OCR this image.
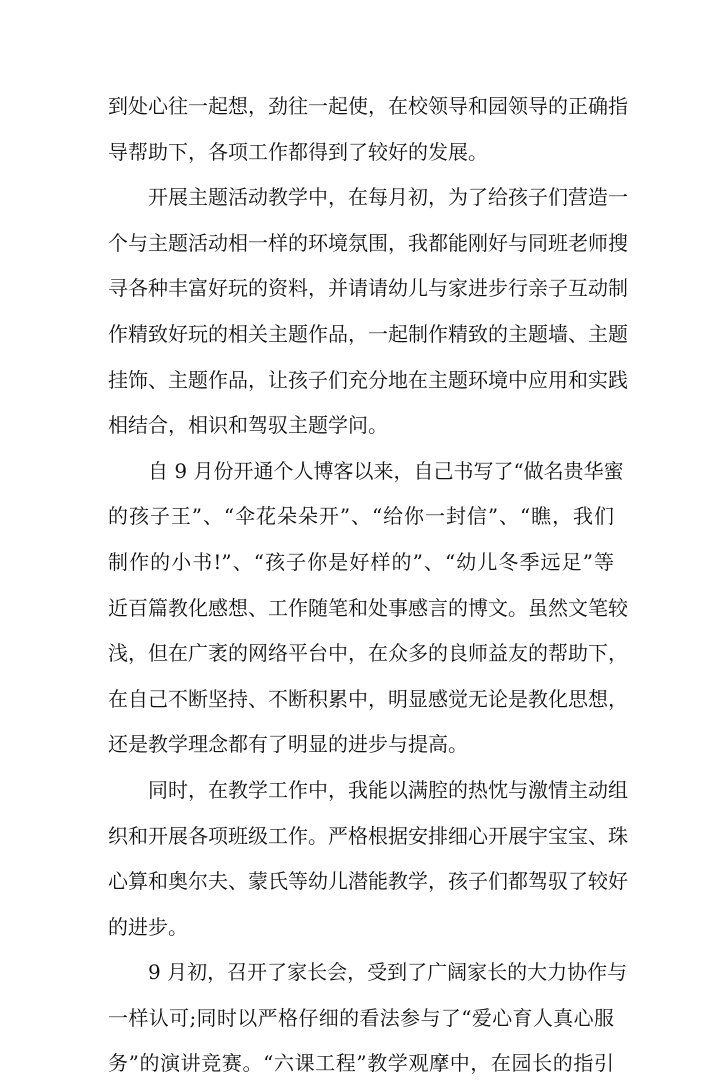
到处心往一起想，劲往一起使，在校领导和园领导的正确指
导帮助下，各项工作都得到了较好的发展。
开展主题活动教学中，在每月初，为了给孩子们营造一
个与主题活动相一样的环境氛围，我都能刚好与同班老师搜
寻各种丰富好玩的资料，并请请幼儿与家进步行亲子互动制
作精致好玩的相关主题作品，一起制作精致的主题墙、主题
挂饰、主题作品，让孩子们充分地在主题环境中应用和实践
相结合，相识和驾驭主题学问。
自 9 月份开通个人博客以来，自己书写了“做名贵华蜜
的孩子王”、“伞花朵朵开”、“给你一封信”、“瞧，我们
制作的小书!”、“孩子你是好样的”、“幼儿冬季远足”等
近百篇教化感想、工作随笔和处事感言的博文。虽然文笔较
浅，但在广袤的网络平台中，在众多的良师益友的帮助下，
在自己不断坚持、不断积累中，明显感觉无论是教化思想，
还是教学理念都有了明显的进步与提高。
同时，在教学工作中，我能以满腔的热忱与激情主动组
织和开展各项班级工作。严格根据安排细心开展宇宝宝、珠
心算和奥尔夫、蒙氏等幼儿潜能教学，孩子们都驾驭了较好
的进步。
9 月初，召开了家长会，受到了广阔家长的大力协作与
一样认可;同时以严格仔细的看法参与了“爱心育人真心服
务”的演讲竞赛。“六课工程”教学观摩中，在园长的指引
